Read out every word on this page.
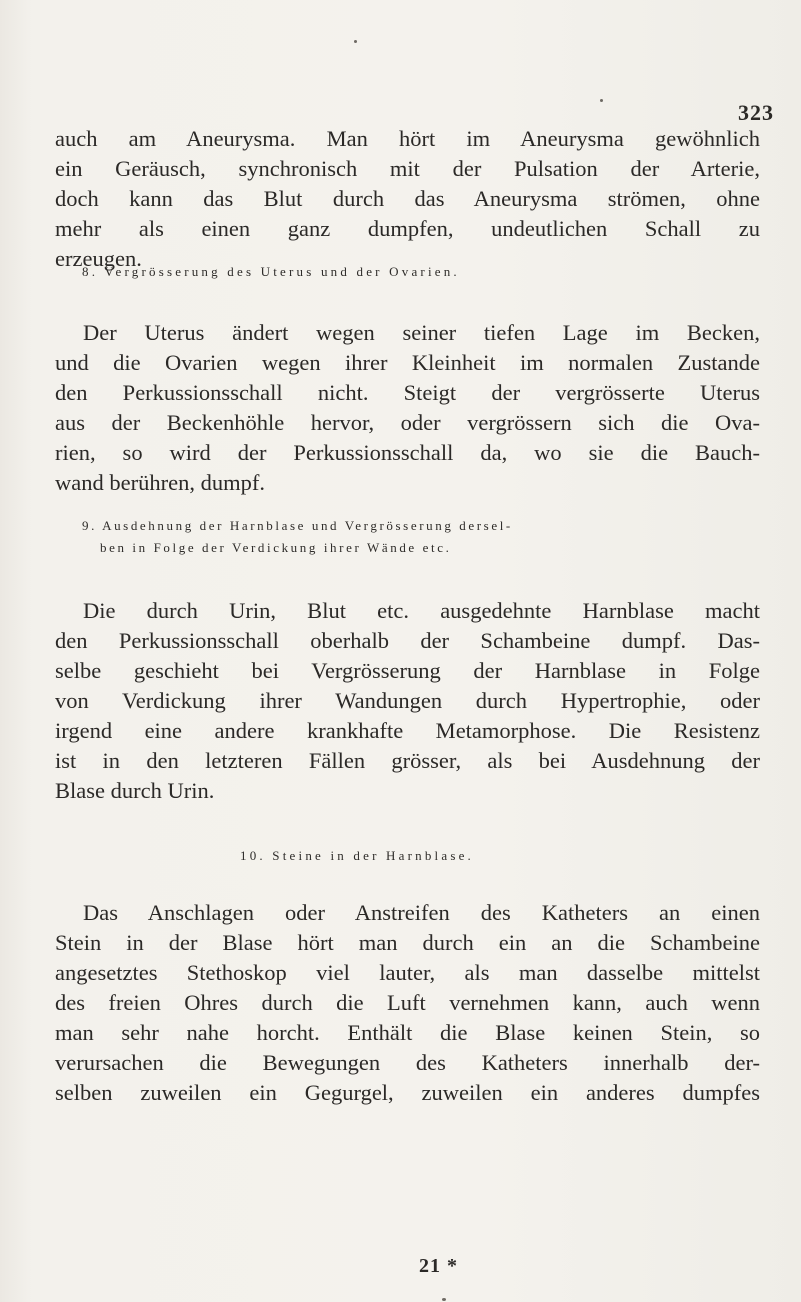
323
auch am Aneurysma. Man hört im Aneurysma gewöhnlich
ein Geräusch, synchronisch mit der Pulsation der Arterie,
doch kann das Blut durch das Aneurysma strömen, ohne
mehr als einen ganz dumpfen, undeutlichen Schall zu
erzeugen.
8. Vergrösserung des Uterus und der Ovarien.
Der Uterus ändert wegen seiner tiefen Lage im Becken,
und die Ovarien wegen ihrer Kleinheit im normalen Zustande
den Perkussionsschall nicht. Steigt der vergrösserte Uterus
aus der Beckenhöhle hervor, oder vergrössern sich die Ova-
rien, so wird der Perkussionsschall da, wo sie die Bauch-
wand berühren, dumpf.
9. Ausdehnung der Harnblase und Vergrösserung dersel-
ben in Folge der Verdickung ihrer Wände etc.
Die durch Urin, Blut etc. ausgedehnte Harnblase macht
den Perkussionsschall oberhalb der Schambeine dumpf. Das-
selbe geschieht bei Vergrösserung der Harnblase in Folge
von Verdickung ihrer Wandungen durch Hypertrophie, oder
irgend eine andere krankhafte Metamorphose. Die Resistenz
ist in den letzteren Fällen grösser, als bei Ausdehnung der
Blase durch Urin.
10. Steine in der Harnblase.
Das Anschlagen oder Anstreifen des Katheters an einen
Stein in der Blase hört man durch ein an die Schambeine
angesetztes Stethoskop viel lauter, als man dasselbe mittelst
des freien Ohres durch die Luft vernehmen kann, auch wenn
man sehr nahe horcht. Enthält die Blase keinen Stein, so
verursachen die Bewegungen des Katheters innerhalb der-
selben zuweilen ein Gegurgel, zuweilen ein anderes dumpfes
21 *
